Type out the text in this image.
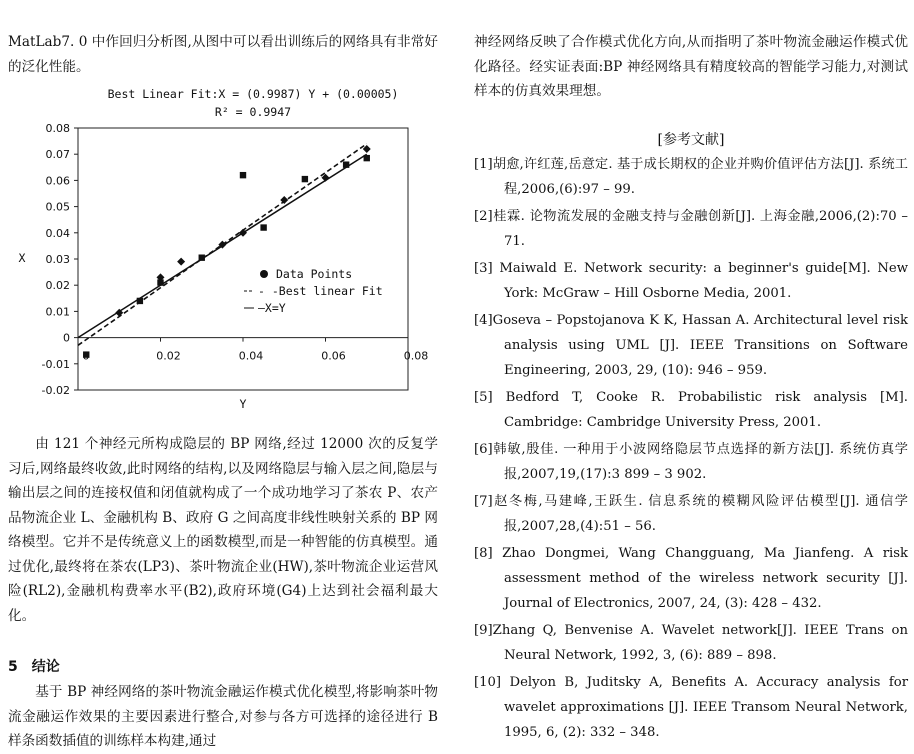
MatLab7. 0 中作回归分析图,从图中可以看出训练后的网络具有非常好的泛化性能。

Best Linear Fit:X = (0.9987) Y + (0.00005)
R² = 0.9947
0.08
0.07
0.06
0.05
0.04
0.03
0.02
0.01
0
-0.01
-0.02
0	0.02	0.04	0.06	0.08
X
Y
Data Points
- -Best linear Fit
—X=Y

由 121 个神经元所构成隐层的 BP 网络,经过 12000 次的反复学习后,网络最终收敛,此时网络的结构,以及网络隐层与输入层之间,隐层与输出层之间的连接权值和闭值就构成了一个成功地学习了茶农 P、农产品物流企业 L、金融机构 B、政府 G 之间高度非线性映射关系的 BP 网络模型。它并不是传统意义上的函数模型,而是一种智能的仿真模型。通过优化,最终将在茶农(LP3)、茶叶物流企业(HW),茶叶物流企业运营风险(RL2),金融机构费率水平(B2),政府环境(G4)上达到社会福利最大化。

5　结论

基于 BP 神经网络的茶叶物流金融运作模式优化模型,将影响茶叶物流金融运作效果的主要因素进行整合,对参与各方可选择的途径进行 B 样条函数插值的训练样本构建,通过

神经网络反映了合作模式优化方向,从而指明了茶叶物流金融运作模式优化路径。经实证表面:BP 神经网络具有精度较高的智能学习能力,对测试样本的仿真效果理想。

[参考文献]

[1]胡愈,许红莲,岳意定. 基于成长期权的企业并购价值评估方法[J]. 系统工程,2006,(6):97 – 99.
[2]桂霖. 论物流发展的金融支持与金融创新[J]. 上海金融,2006,(2):70 – 71.
[3] Maiwald E. Network security: a beginner's guide[M]. New York: McGraw – Hill Osborne Media, 2001.
[4]Goseva – Popstojanova K K, Hassan A. Architectural level risk analysis using UML [J]. IEEE Transitions on Software Engineering, 2003, 29, (10): 946 – 959.
[5] Bedford T, Cooke R. Probabilistic risk analysis [M]. Cambridge: Cambridge University Press, 2001.
[6]韩敏,殷佳. 一种用于小波网络隐层节点选择的新方法[J]. 系统仿真学报,2007,19,(17):3 899 – 3 902.
[7]赵冬梅,马建峰,王跃生. 信息系统的模糊风险评估模型[J]. 通信学报,2007,28,(4):51 – 56.
[8] Zhao Dongmei, Wang Changguang, Ma Jianfeng. A risk assessment method of the wireless network security [J]. Journal of Electronics, 2007, 24, (3): 428 – 432.
[9]Zhang Q, Benvenise A. Wavelet network[J]. IEEE Trans on Neural Network, 1992, 3, (6): 889 – 898.
[10] Delyon B, Juditsky A, Benefits A. Accuracy analysis for wavelet approximations [J]. IEEE Transom Neural Network, 1995, 6, (2): 332 – 348.
